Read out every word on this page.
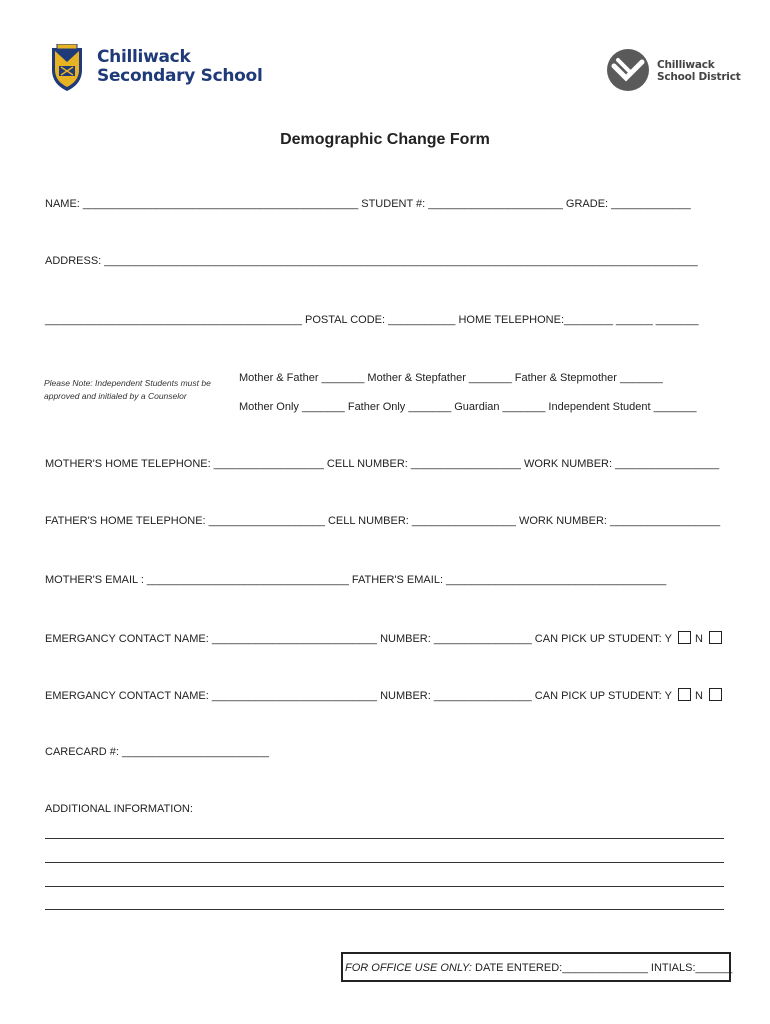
Chilliwack
Secondary School
Chilliwack
School District
Demographic Change Form
NAME: _____________________________________________ STUDENT #: ______________________ GRADE: _____________
ADDRESS: _________________________________________________________________________________________________
__________________________________________ POSTAL CODE: ___________ HOME TELEPHONE:________ ______ _______
Please Note: Independent Students must be approved and initialed by a Counselor
Mother & Father _______ Mother & Stepfather _______ Father & Stepmother _______
Mother Only _______ Father Only _______ Guardian _______ Independent Student _______
MOTHER'S HOME TELEPHONE: __________________ CELL NUMBER: __________________ WORK NUMBER: _________________
FATHER'S HOME TELEPHONE: ___________________ CELL NUMBER: _________________ WORK NUMBER: __________________
MOTHER'S EMAIL : _________________________________ FATHER'S EMAIL: ____________________________________
EMERGANCY CONTACT NAME: ___________________________ NUMBER: ________________ CAN PICK UP STUDENT: Y N
EMERGANCY CONTACT NAME: ___________________________ NUMBER: ________________ CAN PICK UP STUDENT: Y N
CARECARD #: ________________________
ADDITIONAL INFORMATION:
FOR OFFICE USE ONLY: DATE ENTERED:______________ INTIALS:______
